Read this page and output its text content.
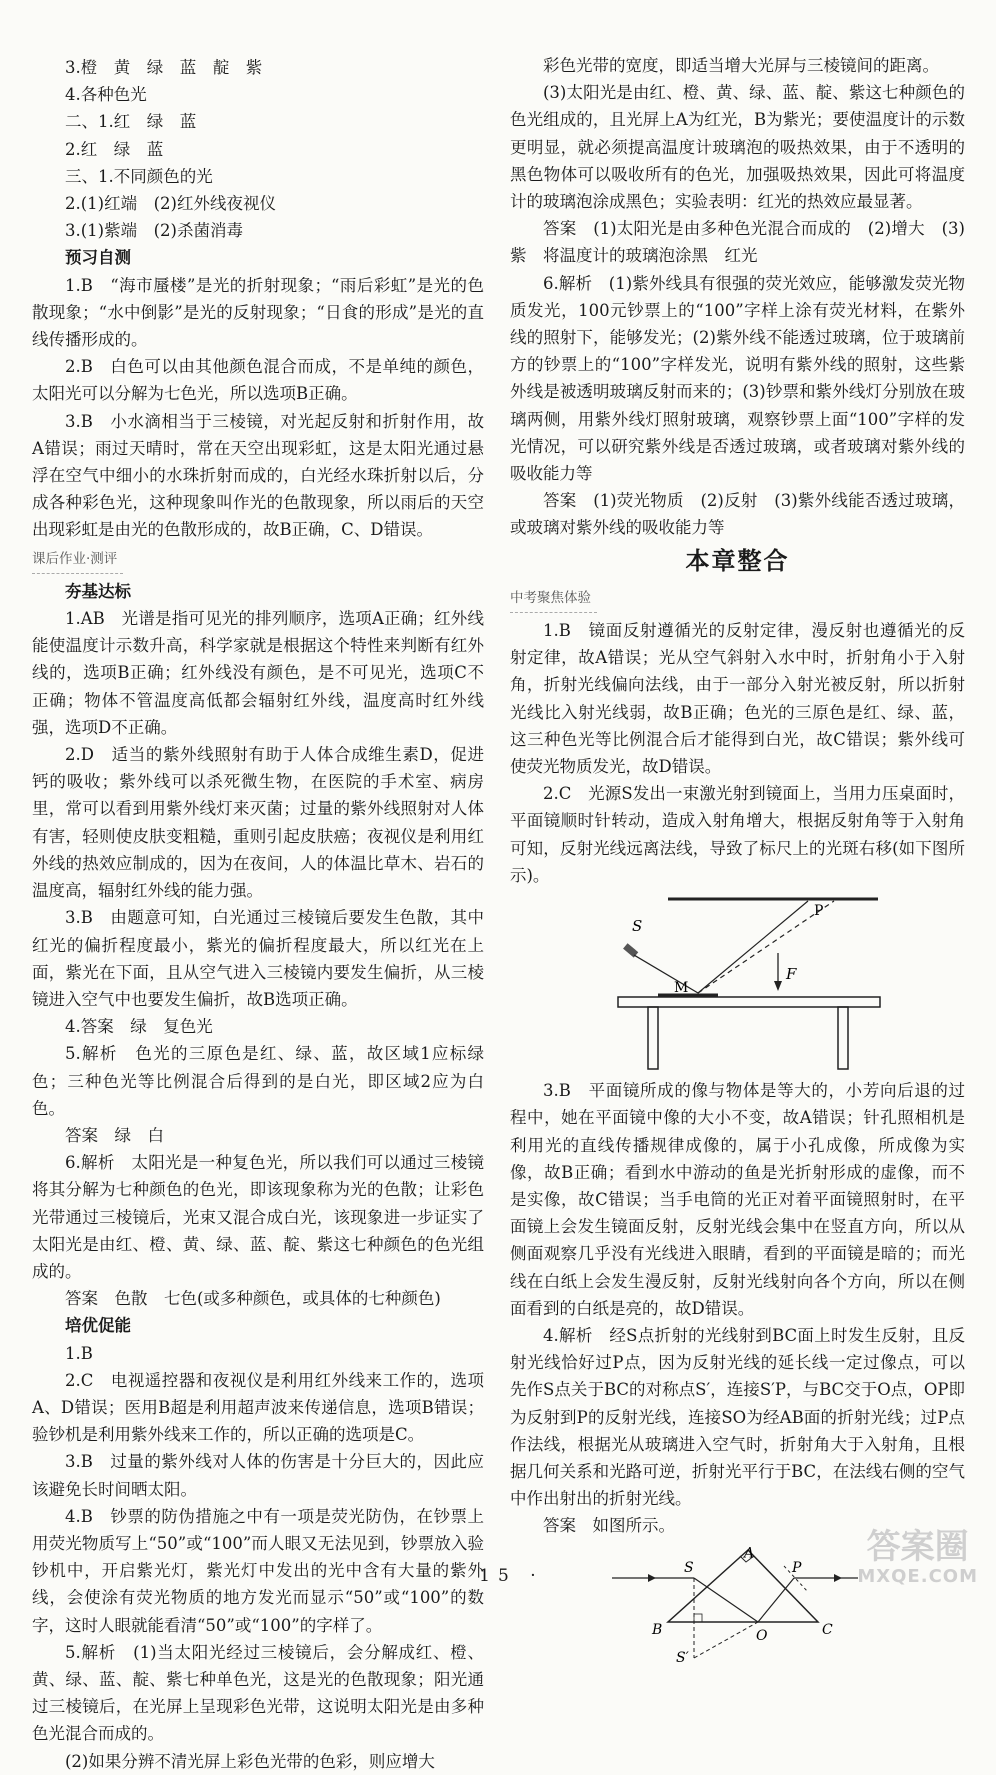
3.橙　黄　绿　蓝　靛　紫

4.各种色光

二、1.红　绿　蓝

2.红　绿　蓝

三、1.不同颜色的光

2.(1)红端　(2)红外线夜视仪

3.(1)紫端　(2)杀菌消毒

预习自测

1.B　“海市蜃楼”是光的折射现象；“雨后彩虹”是光的色散现象；“水中倒影”是光的反射现象；“日食的形成”是光的直线传播形成的。

2.B　白色可以由其他颜色混合而成，不是单纯的颜色，太阳光可以分解为七色光，所以选项B正确。

3.B　小水滴相当于三棱镜，对光起反射和折射作用，故A错误；雨过天晴时，常在天空出现彩虹，这是太阳光通过悬浮在空气中细小的水珠折射而成的，白光经水珠折射以后，分成各种彩色光，这种现象叫作光的色散现象，所以雨后的天空出现彩虹是由光的色散形成的，故B正确，C、D错误。

课后作业·测评

夯基达标

1.AB　光谱是指可见光的排列顺序，选项A正确；红外线能使温度计示数升高，科学家就是根据这个特性来判断有红外线的，选项B正确；红外线没有颜色，是不可见光，选项C不正确；物体不管温度高低都会辐射红外线，温度高时红外线强，选项D不正确。

2.D　适当的紫外线照射有助于人体合成维生素D，促进钙的吸收；紫外线可以杀死微生物，在医院的手术室、病房里，常可以看到用紫外线灯来灭菌；过量的紫外线照射对人体有害，轻则使皮肤变粗糙，重则引起皮肤癌；夜视仪是利用红外线的热效应制成的，因为在夜间，人的体温比草木、岩石的温度高，辐射红外线的能力强。

3.B　由题意可知，白光通过三棱镜后要发生色散，其中红光的偏折程度最小，紫光的偏折程度最大，所以红光在上面，紫光在下面，且从空气进入三棱镜内要发生偏折，从三棱镜进入空气中也要发生偏折，故B选项正确。

4.答案　绿　复色光

5.解析　色光的三原色是红、绿、蓝，故区域1应标绿色；三种色光等比例混合后得到的是白光，即区域2应为白色。

答案　绿　白

6.解析　太阳光是一种复色光，所以我们可以通过三棱镜将其分解为七种颜色的色光，即该现象称为光的色散；让彩色光带通过三棱镜后，光束又混合成白光，该现象进一步证实了太阳光是由红、橙、黄、绿、蓝、靛、紫这七种颜色的色光组成的。

答案　色散　七色(或多种颜色，或具体的七种颜色)

培优促能

1.B

2.C　电视遥控器和夜视仪是利用红外线来工作的，选项A、D错误；医用B超是利用超声波来传递信息，选项B错误；验钞机是利用紫外线来工作的，所以正确的选项是C。

3.B　过量的紫外线对人体的伤害是十分巨大的，因此应该避免长时间晒太阳。

4.B　钞票的防伪措施之中有一项是荧光防伪，在钞票上用荧光物质写上“50”或“100”而人眼又无法见到，钞票放入验钞机中，开启紫光灯，紫光灯中发出的光中含有大量的紫外线，会使涂有荧光物质的地方发光而显示“50”或“100”的数字，这时人眼就能看清“50”或“100”的字样了。

5.解析　(1)当太阳光经过三棱镜后，会分解成红、橙、黄、绿、蓝、靛、紫七种单色光，这是光的色散现象；阳光通过三棱镜后，在光屏上呈现彩色光带，这说明太阳光是由多种色光混合而成的。

(2)如果分辨不清光屏上彩色光带的色彩，则应增大

彩色光带的宽度，即适当增大光屏与三棱镜间的距离。

(3)太阳光是由红、橙、黄、绿、蓝、靛、紫这七种颜色的色光组成的，且光屏上A为红光，B为紫光；要使温度计的示数更明显，就必须提高温度计玻璃泡的吸热效果，由于不透明的黑色物体可以吸收所有的色光，加强吸热效果，因此可将温度计的玻璃泡涂成黑色；实验表明：红光的热效应最显著。

答案　(1)太阳光是由多种色光混合而成的　(2)增大　(3)紫　将温度计的玻璃泡涂黑　红光

6.解析　(1)紫外线具有很强的荧光效应，能够激发荧光物质发光，100元钞票上的“100”字样上涂有荧光材料，在紫外线的照射下，能够发光；(2)紫外线不能透过玻璃，位于玻璃前方的钞票上的“100”字样发光，说明有紫外线的照射，这些紫外线是被透明玻璃反射而来的；(3)钞票和紫外线灯分别放在玻璃两侧，用紫外线灯照射玻璃，观察钞票上面“100”字样的发光情况，可以研究紫外线是否透过玻璃，或者玻璃对紫外线的吸收能力等

答案　(1)荧光物质　(2)反射　(3)紫外线能否透过玻璃，或玻璃对紫外线的吸收能力等

本章整合
中考聚焦体验

1.B　镜面反射遵循光的反射定律，漫反射也遵循光的反射定律，故A错误；光从空气斜射入水中时，折射角小于入射角，折射光线偏向法线，由于一部分入射光被反射，所以折射光线比入射光线弱，故B正确；色光的三原色是红、绿、蓝，这三种色光等比例混合后才能得到白光，故C错误；紫外线可使荧光物质发光，故D错误。

2.C　光源S发出一束激光射到镜面上，当用力压桌面时，平面镜顺时针转动，造成入射角增大，根据反射角等于入射角可知，反射光线远离法线，导致了标尺上的光斑右移(如下图所示)。

S
P
M
F

3.B　平面镜所成的像与物体是等大的，小芳向后退的过程中，她在平面镜中像的大小不变，故A错误；针孔照相机是利用光的直线传播规律成像的，属于小孔成像，所成像为实像，故B正确；看到水中游动的鱼是光折射形成的虚像，而不是实像，故C错误；当手电筒的光正对着平面镜照射时，在平面镜上会发生镜面反射，反射光线会集中在竖直方向，所以从侧面观察几乎没有光线进入眼睛，看到的平面镜是暗的；而光线在白纸上会发生漫反射，反射光线射向各个方向，所以在侧面看到的白纸是亮的，故D错误。

4.解析　经S点折射的光线射到BC面上时发生反射，且反射光线恰好过P点，因为反射光线的延长线一定过像点，可以先作S点关于BC的对称点S′，连接S′P，与BC交于O点，OP即为反射到P的反射光线，连接SO为经AB面的折射光线；过P点作法线，根据光从玻璃进入空气时，折射角大于入射角，且根据几何关系和光路可逆，折射光平行于BC，在法线右侧的空气中作出射出的折射光线。

答案　如图所示。

A
B	C
S	P
O
S′
· 15 ·
答案圈
MXQE.COM
